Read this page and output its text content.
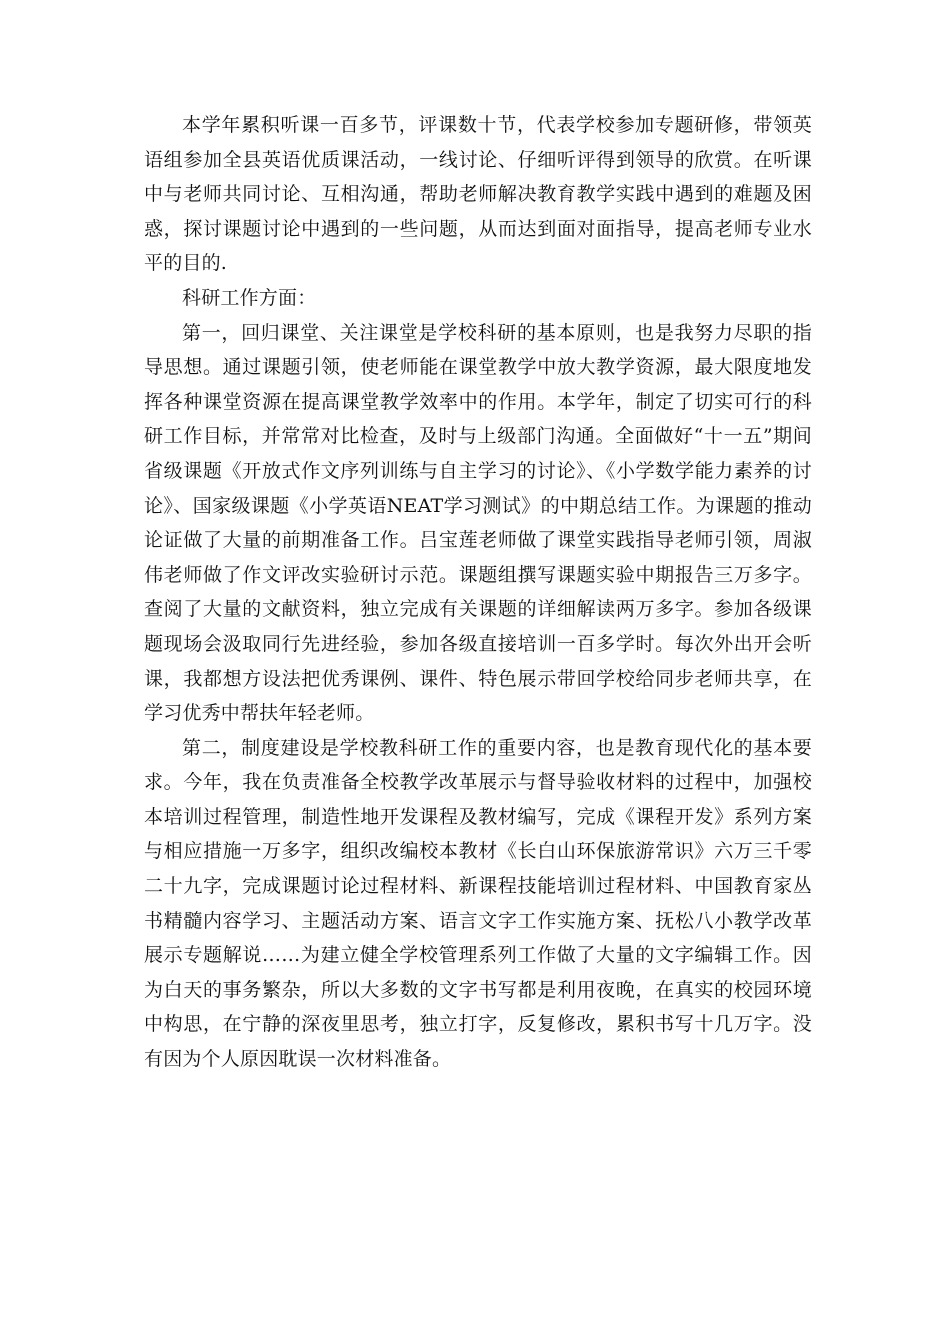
本学年累积听课一百多节，评课数十节，代表学校参加专题研修，带领英语组参加全县英语优质课活动，一线讨论、仔细听评得到领导的欣赏。在听课中与老师共同讨论、互相沟通，帮助老师解决教育教学实践中遇到的难题及困惑，探讨课题讨论中遇到的一些问题，从而达到面对面指导，提高老师专业水平的目的.

科研工作方面：

第一，回归课堂、关注课堂是学校科研的基本原则，也是我努力尽职的指导思想。通过课题引领，使老师能在课堂教学中放大教学资源，最大限度地发挥各种课堂资源在提高课堂教学效率中的作用。本学年，制定了切实可行的科研工作目标，并常常对比检查，及时与上级部门沟通。全面做好“十一五”期间省级课题《开放式作文序列训练与自主学习的讨论》、《小学数学能力素养的讨论》、国家级课题《小学英语NEAT学习测试》的中期总结工作。为课题的推动论证做了大量的前期准备工作。吕宝莲老师做了课堂实践指导老师引领，周淑伟老师做了作文评改实验研讨示范。课题组撰写课题实验中期报告三万多字。查阅了大量的文献资料，独立完成有关课题的详细解读两万多字。参加各级课题现场会汲取同行先进经验，参加各级直接培训一百多学时。每次外出开会听课，我都想方设法把优秀课例、课件、特色展示带回学校给同步老师共享，在学习优秀中帮扶年轻老师。

第二，制度建设是学校教科研工作的重要内容，也是教育现代化的基本要求。今年，我在负责准备全校教学改革展示与督导验收材料的过程中，加强校本培训过程管理，制造性地开发课程及教材编写，完成《课程开发》系列方案与相应措施一万多字，组织改编校本教材《长白山环保旅游常识》六万三千零二十九字，完成课题讨论过程材料、新课程技能培训过程材料、中国教育家丛书精髓内容学习、主题活动方案、语言文字工作实施方案、抚松八小教学改革展示专题解说……为建立健全学校管理系列工作做了大量的文字编辑工作。因为白天的事务繁杂，所以大多数的文字书写都是利用夜晚，在真实的校园环境中构思，在宁静的深夜里思考，独立打字，反复修改，累积书写十几万字。没有因为个人原因耽误一次材料准备。
